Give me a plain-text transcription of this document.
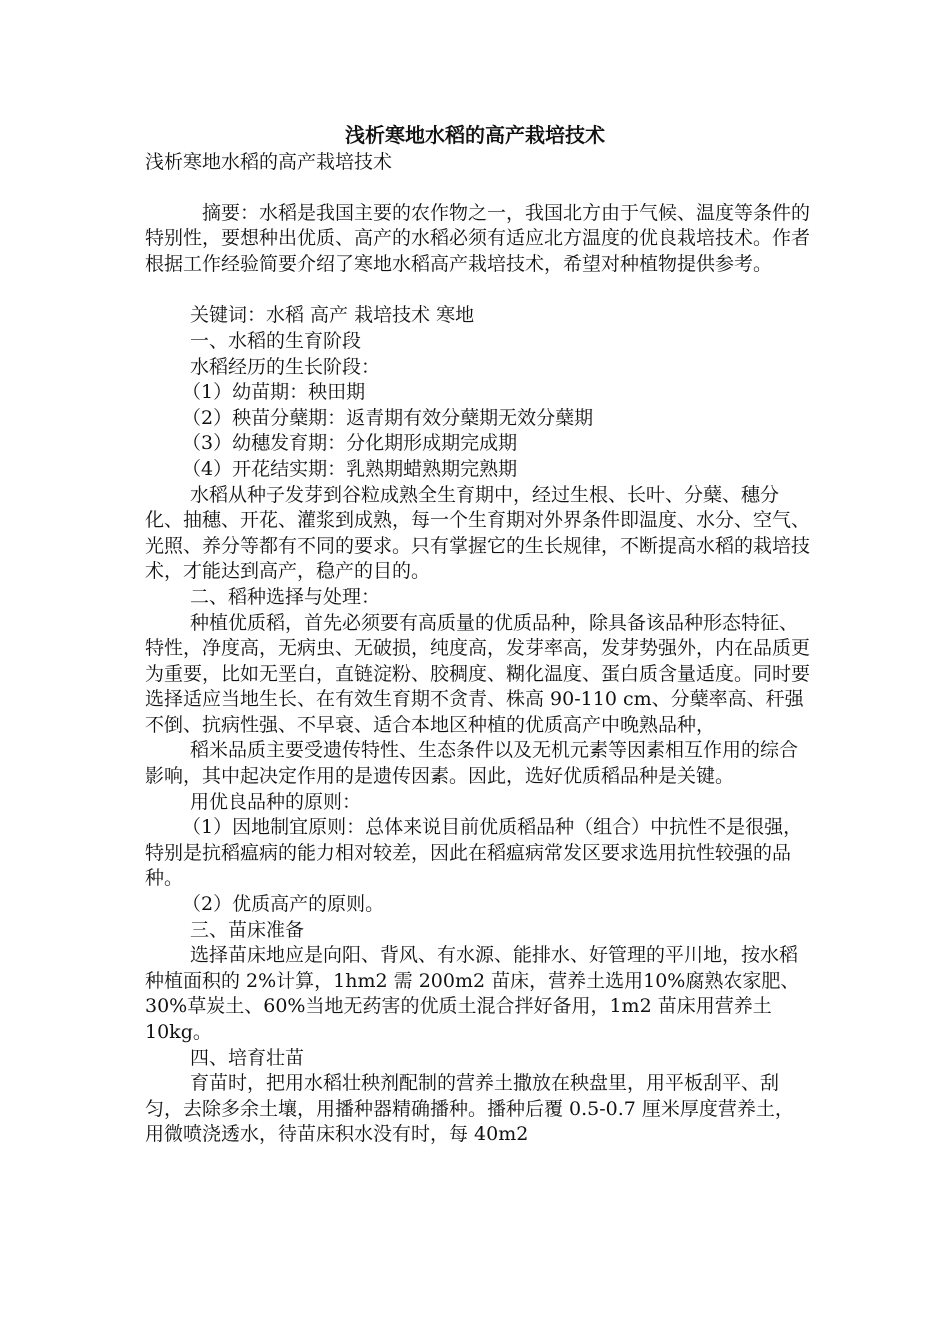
浅析寒地水稻的高产栽培技术

浅析寒地水稻的高产栽培技术

摘要：水稻是我国主要的农作物之一，我国北方由于气候、温度等条件的特别性，要想种出优质、高产的水稻必须有适应北方温度的优良栽培技术。作者根据工作经验简要介绍了寒地水稻高产栽培技术，希望对种植物提供参考。

关键词：水稻 高产 栽培技术 寒地

一、水稻的生育阶段

水稻经历的生长阶段：

（1）幼苗期：秧田期

（2）秧苗分蘖期：返青期有效分蘖期无效分蘖期

（3）幼穗发育期：分化期形成期完成期

（4）开花结实期：乳熟期蜡熟期完熟期

水稻从种子发芽到谷粒成熟全生育期中，经过生根、长叶、分蘖、穗分化、抽穗、开花、灌浆到成熟，每一个生育期对外界条件即温度、水分、空气、光照、养分等都有不同的要求。只有掌握它的生长规律，不断提高水稻的栽培技术，才能达到高产，稳产的目的。

二、稻种选择与处理：

种植优质稻，首先必须要有高质量的优质品种，除具备该品种形态特征、特性，净度高，无病虫、无破损，纯度高，发芽率高，发芽势强外，内在品质更为重要，比如无垩白，直链淀粉、胶稠度、糊化温度、蛋白质含量适度。同时要选择适应当地生长、在有效生育期不贪青、株高 90-110 cm、分蘖率高、秆强不倒、抗病性强、不早衰、适合本地区种植的优质高产中晚熟品种，

稻米品质主要受遗传特性、生态条件以及无机元素等因素相互作用的综合影响，其中起决定作用的是遗传因素。因此，选好优质稻品种是关键。

用优良品种的原则：

（1）因地制宜原则：总体来说目前优质稻品种（组合）中抗性不是很强，特别是抗稻瘟病的能力相对较差，因此在稻瘟病常发区要求选用抗性较强的品种。

（2）优质高产的原则。

三、苗床准备

选择苗床地应是向阳、背风、有水源、能排水、好管理的平川地，按水稻种植面积的 2%计算，1hm2 需 200m2 苗床，营养土选用10%腐熟农家肥、30%草炭土、60%当地无药害的优质土混合拌好备用，1m2 苗床用营养土 10kg。

四、培育壮苗

育苗时，把用水稻壮秧剂配制的营养土撒放在秧盘里，用平板刮平、刮匀，去除多余土壤，用播种器精确播种。播种后覆 0.5-0.7 厘米厚度营养土，用微喷浇透水，待苗床积水没有时，每 40m2
